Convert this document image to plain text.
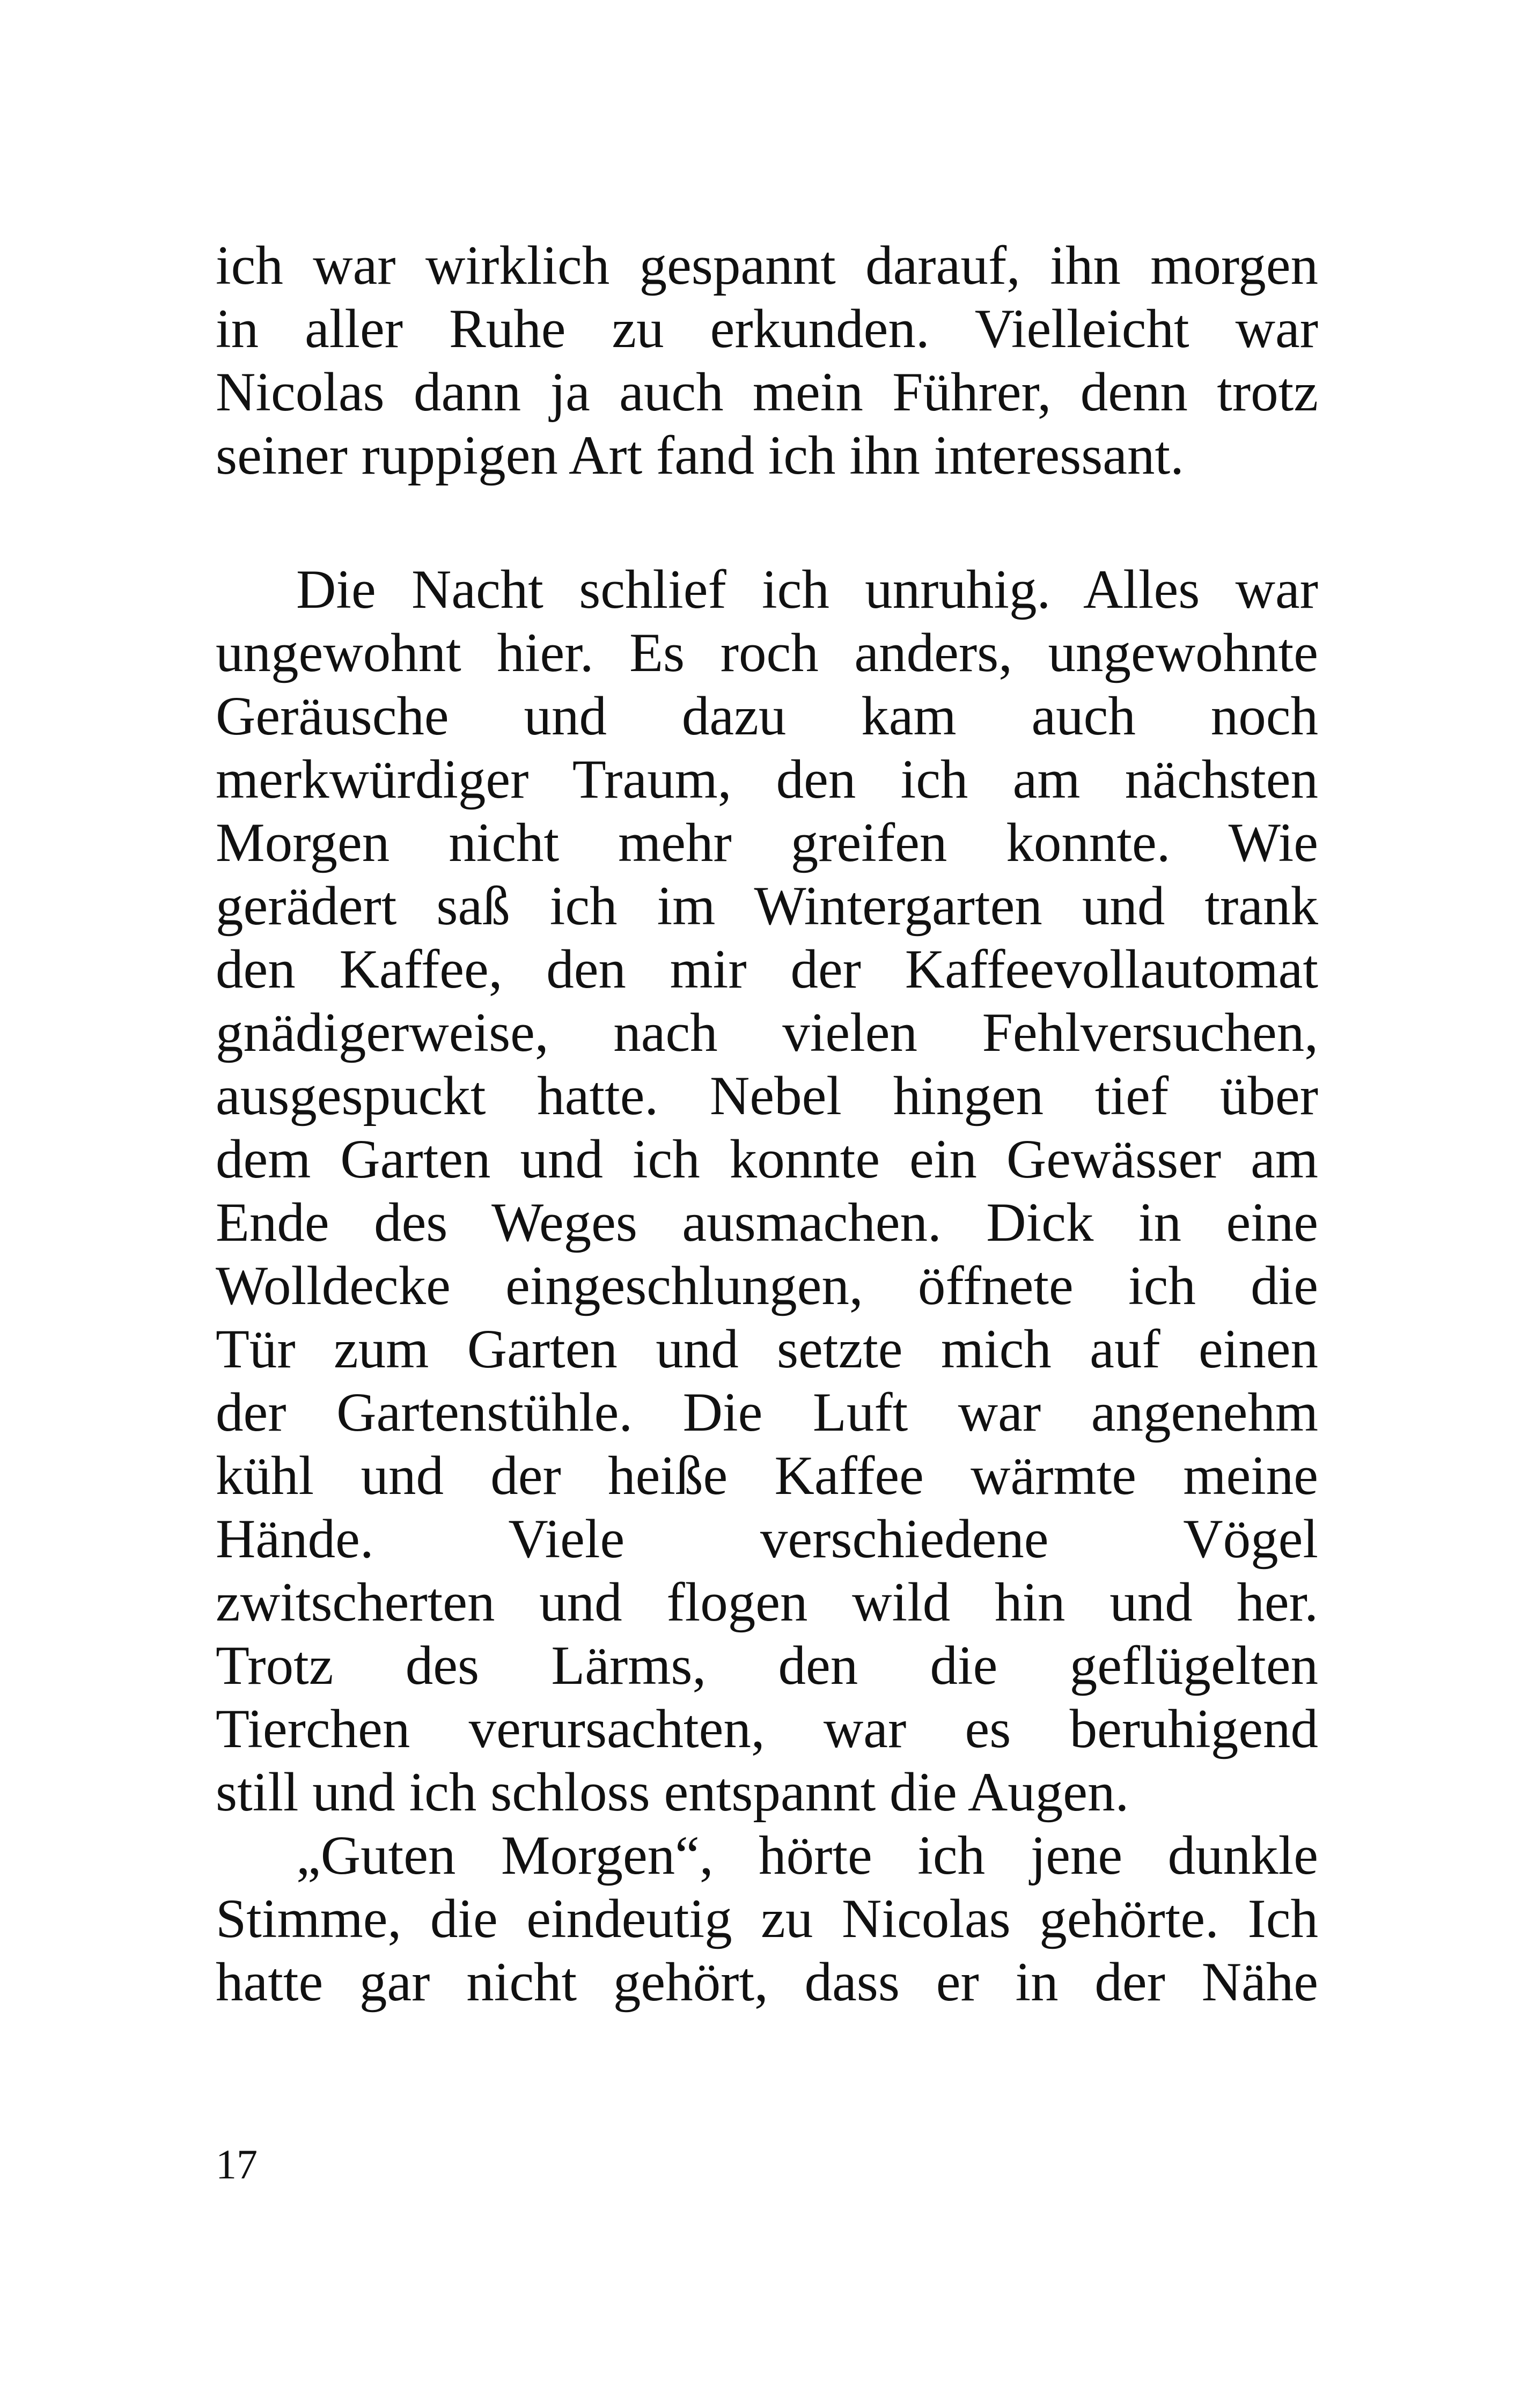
ich war wirklich gespannt darauf, ihn morgen
in aller Ruhe zu erkunden. Vielleicht war
Nicolas dann ja auch mein Führer, denn trotz
seiner ruppigen Art fand ich ihn interessant.
Die Nacht schlief ich unruhig. Alles war
ungewohnt hier. Es roch anders, ungewohnte
Geräusche und dazu kam auch noch
merkwürdiger Traum, den ich am nächsten
Morgen nicht mehr greifen konnte. Wie
gerädert saß ich im Wintergarten und trank
den Kaffee, den mir der Kaffeevollautomat
gnädigerweise, nach vielen Fehlversuchen,
ausgespuckt hatte. Nebel hingen tief über
dem Garten und ich konnte ein Gewässer am
Ende des Weges ausmachen. Dick in eine
Wolldecke eingeschlungen, öffnete ich die
Tür zum Garten und setzte mich auf einen
der Gartenstühle. Die Luft war angenehm
kühl und der heiße Kaffee wärmte meine
Hände. Viele verschiedene Vögel
zwitscherten und flogen wild hin und her.
Trotz des Lärms, den die geflügelten
Tierchen verursachten, war es beruhigend
still und ich schloss entspannt die Augen.
„Guten Morgen“, hörte ich jene dunkle
Stimme, die eindeutig zu Nicolas gehörte. Ich
hatte gar nicht gehört, dass er in der Nähe
17
